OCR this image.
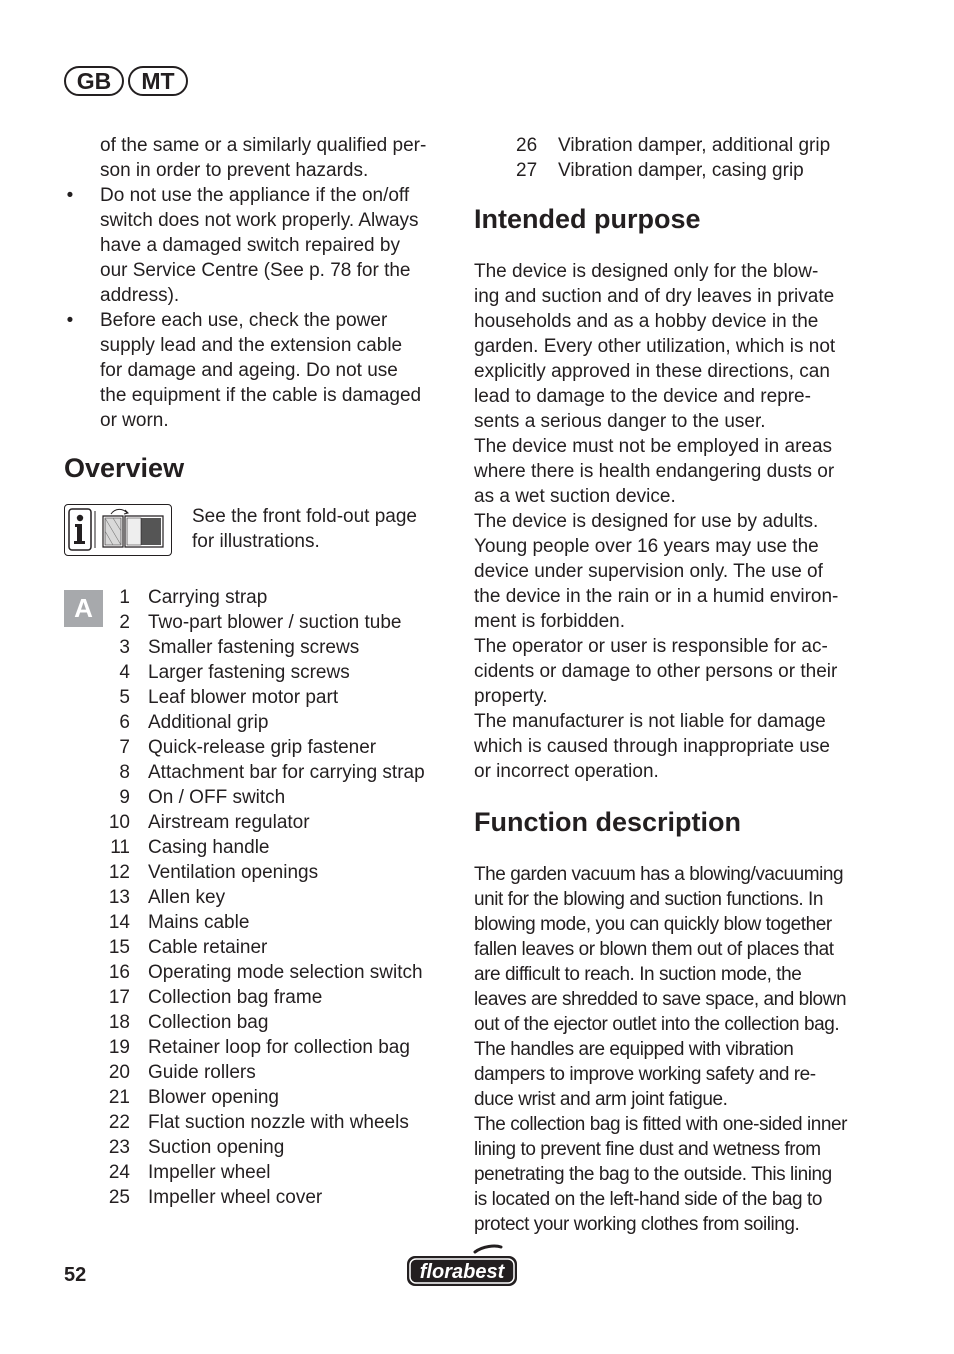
GB	MT
of the same or a similarly qualified per-
son in order to prevent hazards.
• Do not use the appliance if the on/off
switch does not work properly. Always
have a damaged switch repaired by
our Service Centre (See p. 78 for the
address).
• Before each use, check the power
supply lead and the extension cable
for damage and ageing. Do not use
the equipment if the cable is damaged
or worn.
Overview
See the front fold-out page
for illustrations.
A	1 Carrying strap
2 Two-part blower / suction tube
3 Smaller fastening screws
4 Larger fastening screws
5 Leaf blower motor part
6 Additional grip
7 Quick-release grip fastener
8 Attachment bar for carrying strap
9 On / OFF switch
10 Airstream regulator
11 Casing handle
12 Ventilation openings
13 Allen key
14 Mains cable
15 Cable retainer
16 Operating mode selection switch
17 Collection bag frame
18 Collection bag
19 Retainer loop for collection bag
20 Guide rollers
21 Blower opening
22 Flat suction nozzle with wheels
23 Suction opening
24 Impeller wheel
25 Impeller wheel cover
26 Vibration damper, additional grip
27 Vibration damper, casing grip
Intended purpose
The device is designed only for the blow-
ing and suction and of dry leaves in private
households and as a hobby device in the
garden. Every other utilization, which is not
explicitly approved in these directions, can
lead to damage to the device and repre-
sents a serious danger to the user.
The device must not be employed in areas
where there is health endangering dusts or
as a wet suction device.
The device is designed for use by adults.
Young people over 16 years may use the
device under supervision only. The use of
the device in the rain or in a humid environ-
ment is forbidden.
The operator or user is responsible for ac-
cidents or damage to other persons or their
property.
The manufacturer is not liable for damage
which is caused through inappropriate use
or incorrect operation.
Function description
The garden vacuum has a blowing/vacuuming
unit for the blowing and suction functions. In
blowing mode, you can quickly blow together
fallen leaves or blown them out of places that
are difficult to reach. In suction mode, the
leaves are shredded to save space, and blown
out of the ejector outlet into the collection bag.
The handles are equipped with vibration
dampers to improve working safety and re-
duce wrist and arm joint fatigue.
The collection bag is fitted with one-sided inner
lining to prevent fine dust and wetness from
penetrating the bag to the outside. This lining
is located on the left-hand side of the bag to
protect your working clothes from soiling.
52	florabest
